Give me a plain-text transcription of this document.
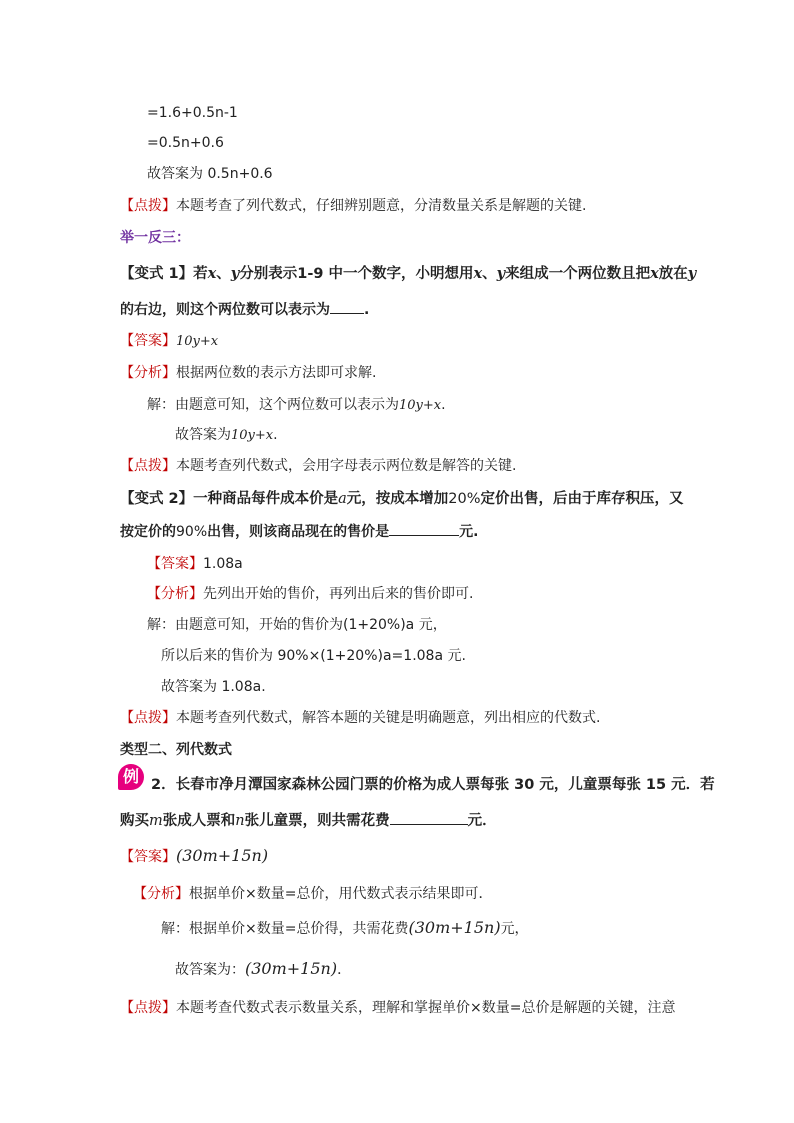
=1.6+0.5n-1
=0.5n+0.6
故答案为 0.5n+0.6
【点拨】本题考查了列代数式，仔细辨别题意，分清数量关系是解题的关键.
举一反三：
【变式 1】若x、y分别表示1-9 中一个数字，小明想用x、y来组成一个两位数且把x放在y
的右边，则这个两位数可以表示为 .
【答案】10y+x
【分析】根据两位数的表示方法即可求解.
解：由题意可知，这个两位数可以表示为10y+x.
故答案为10y+x.
【点拨】本题考查列代数式，会用字母表示两位数是解答的关键.
【变式 2】一种商品每件成本价是a元，按成本增加20%定价出售，后由于库存积压，又
按定价的90%出售，则该商品现在的售价是	元.
【答案】1.08a
【分析】先列出开始的售价，再列出后来的售价即可.
解：由题意可知，开始的售价为(1+20%)a 元，
所以后来的售价为 90%×(1+20%)a=1.08a 元.
故答案为 1.08a.
【点拨】本题考查列代数式，解答本题的关键是明确题意，列出相应的代数式.
类型二、列代数式
例 2．长春市净月潭国家森林公园门票的价格为成人票每张 30 元，儿童票每张 15 元．若
购买m张成人票和n张儿童票，则共需花费	元．
【答案】(30m+15n)
【分析】根据单价×数量=总价，用代数式表示结果即可．
解：根据单价×数量=总价得，共需花费(30m+15n)元，
故答案为：(30m+15n)．
【点拨】本题考查代数式表示数量关系，理解和掌握单价×数量=总价是解题的关键，注意
